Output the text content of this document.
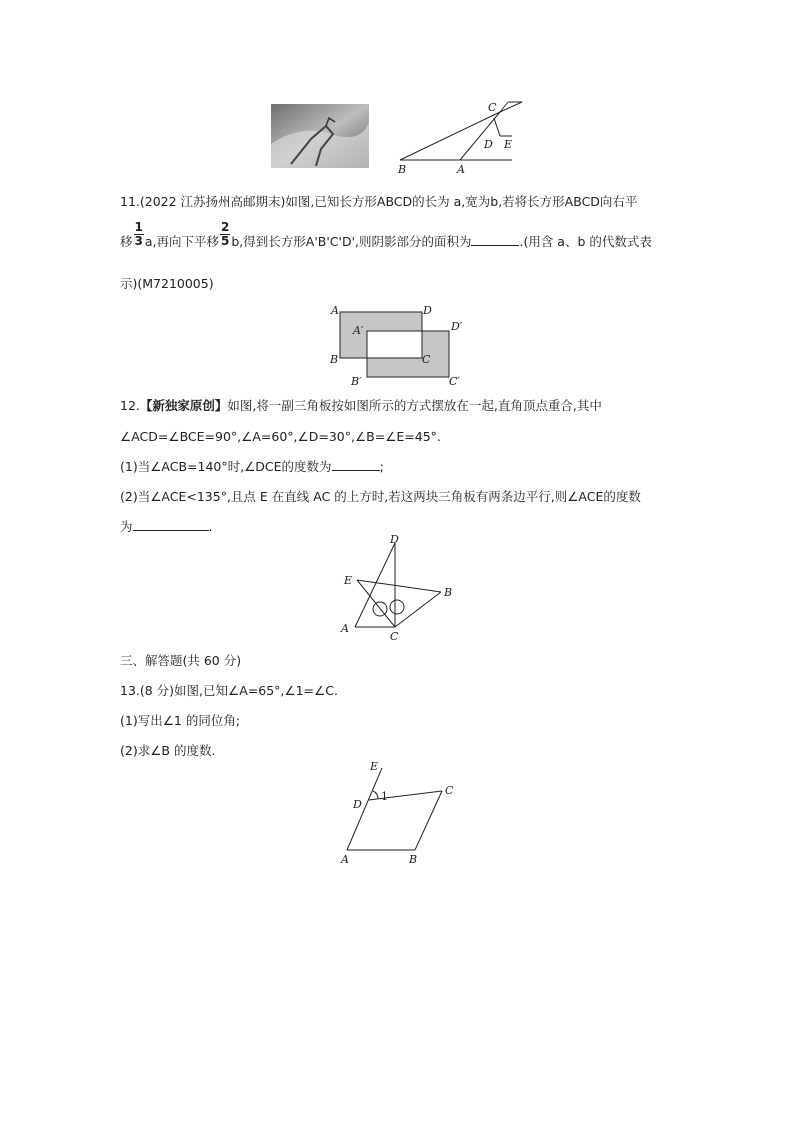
C
D E
B	A
11.(2022 江苏扬州高邮期末)如图,已知长方形ABCD的长为 a,宽为b,若将长方形ABCD向右平
移 $\frac{1}{3} a$,再向下平移 $\frac{2}{5} b$,得到长方形A'B'C'D',则阴影部分的面积为	.(用含 a、b 的代数式表
示)(M7210005)
A	D
A′	D′
B	C
B′	C′
12.【新独家原创】如图,将一副三角板按如图所示的方式摆放在一起,直角顶点重合,其中
∠ACD=∠BCE=90°,∠A=60°,∠D=30°,∠B=∠E=45°.
(1)当∠ACB=140°时,∠DCE的度数为	;
(2)当∠ACE<135°,且点 E 在直线 AC 的上方时,若这两块三角板有两条边平行,则∠ACE的度数
为	.
D
E
B
A
C
三、解答题(共 60 分)
13.(8 分)如图,已知∠A=65°,∠1=∠C.
(1)写出∠1 的同位角;
(2)求∠B 的度数.
E
1
D
C
A	B
